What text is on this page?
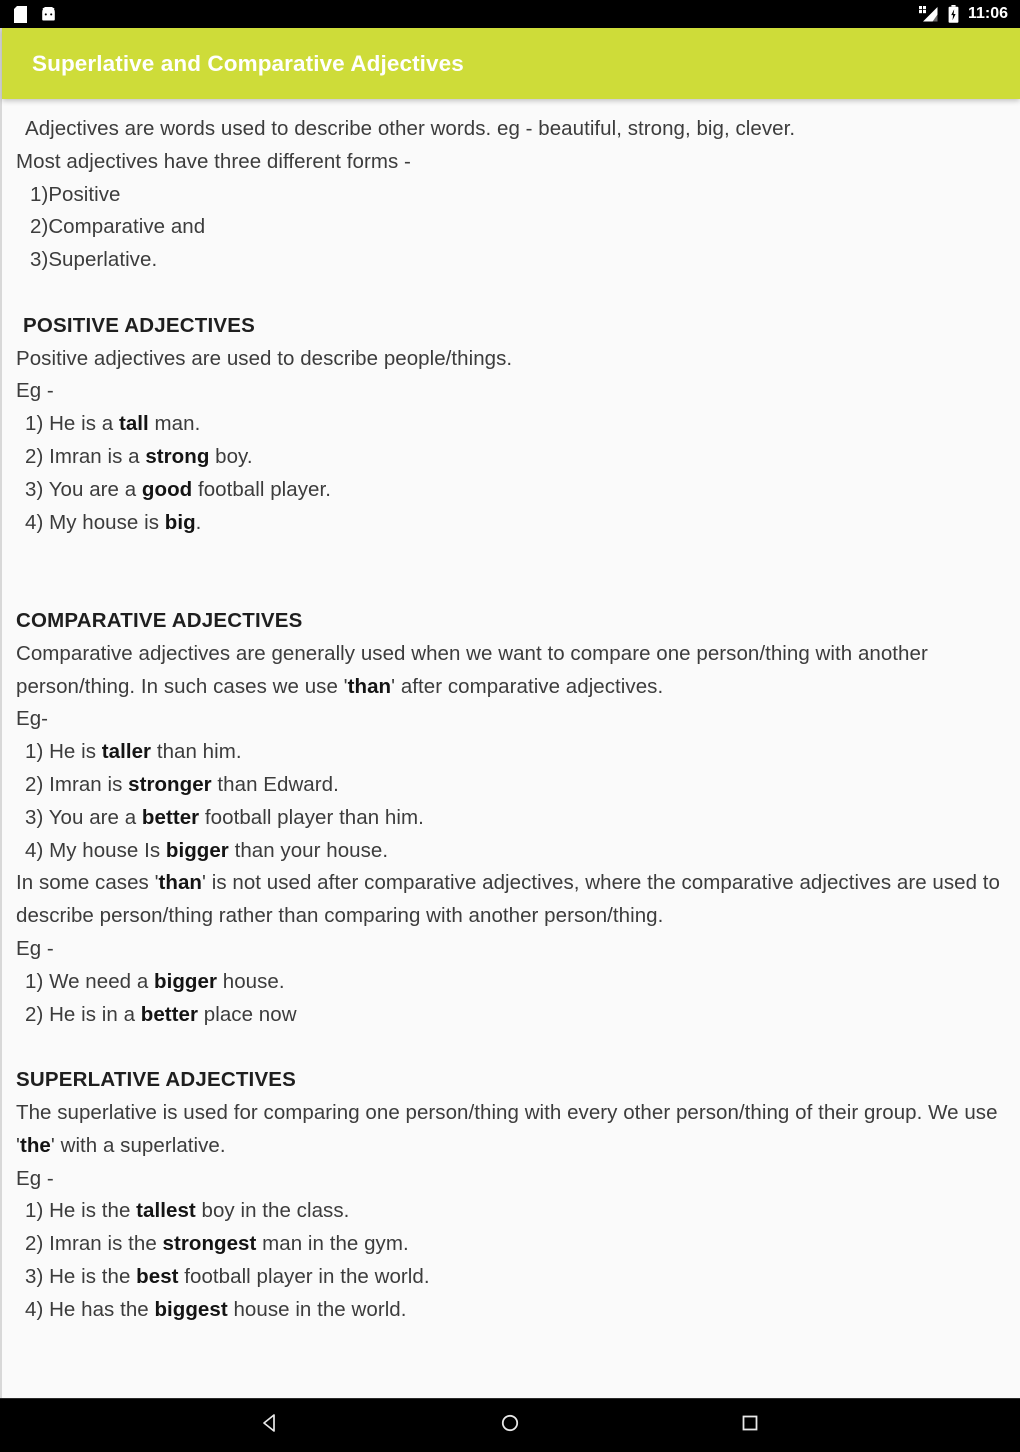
11:06
Superlative and Comparative Adjectives

Adjectives are words used to describe other words. eg - beautiful, strong, big, clever.

Most adjectives have three different forms -

1)Positive

2)Comparative and

3)Superlative.

POSITIVE ADJECTIVES

Positive adjectives are used to describe people/things.

Eg -

1) He is a tall man.

2) Imran is a strong boy.

3) You are a good football player.

4) My house is big.

COMPARATIVE ADJECTIVES

Comparative adjectives are generally used when we want to compare one person/thing with another person/thing. In such cases we use 'than' after comparative adjectives.

Eg-

1) He is taller than him.

2) Imran is stronger than Edward.

3) You are a better football player than him.

4) My house Is bigger than your house.

In some cases 'than' is not used after comparative adjectives, where the comparative adjectives are used to describe person/thing rather than comparing with another person/thing.

Eg -

1) We need a bigger house.

2) He is in a better place now

SUPERLATIVE ADJECTIVES

The superlative is used for comparing one person/thing with every other person/thing of their group. We use 'the' with a superlative.

Eg -

1) He is the tallest boy in the class.

2) Imran is the strongest man in the gym.

3) He is the best football player in the world.

4) He has the biggest house in the world.
